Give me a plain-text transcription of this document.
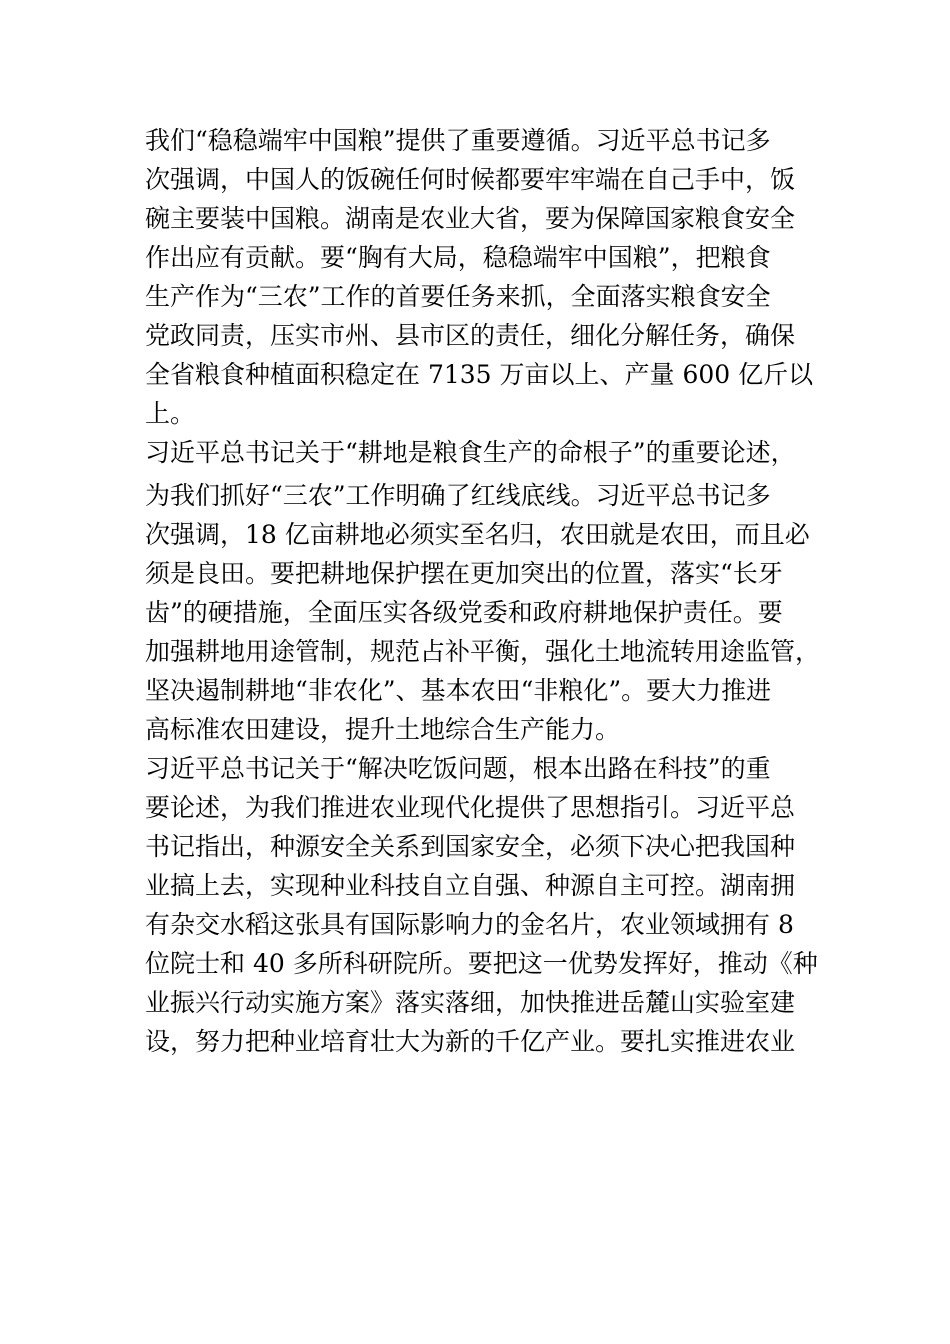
我们“稳稳端牢中国粮”提供了重要遵循。习近平总书记多
次强调，中国人的饭碗任何时候都要牢牢端在自己手中，饭
碗主要装中国粮。湖南是农业大省，要为保障国家粮食安全
作出应有贡献。要“胸有大局，稳稳端牢中国粮”，把粮食
生产作为“三农”工作的首要任务来抓，全面落实粮食安全
党政同责，压实市州、县市区的责任，细化分解任务，确保
全省粮食种植面积稳定在 7135 万亩以上、产量 600 亿斤以
上。
习近平总书记关于“耕地是粮食生产的命根子”的重要论述，
为我们抓好“三农”工作明确了红线底线。习近平总书记多
次强调，18 亿亩耕地必须实至名归，农田就是农田，而且必
须是良田。要把耕地保护摆在更加突出的位置，落实“长牙
齿”的硬措施，全面压实各级党委和政府耕地保护责任。要
加强耕地用途管制，规范占补平衡，强化土地流转用途监管，
坚决遏制耕地“非农化”、基本农田“非粮化”。要大力推进
高标准农田建设，提升土地综合生产能力。
习近平总书记关于“解决吃饭问题，根本出路在科技”的重
要论述，为我们推进农业现代化提供了思想指引。习近平总
书记指出，种源安全关系到国家安全，必须下决心把我国种
业搞上去，实现种业科技自立自强、种源自主可控。湖南拥
有杂交水稻这张具有国际影响力的金名片，农业领域拥有 8
位院士和 40 多所科研院所。要把这一优势发挥好，推动《种
业振兴行动实施方案》落实落细，加快推进岳麓山实验室建
设，努力把种业培育壮大为新的千亿产业。要扎实推进农业
